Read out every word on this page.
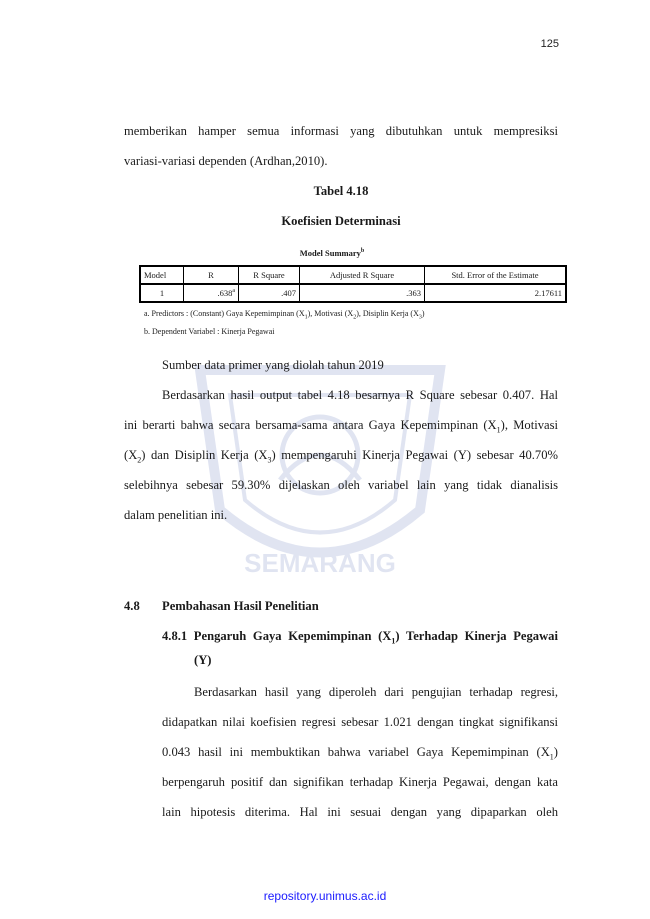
125
SEMARANG
memberikan hamper semua informasi yang dibutuhkan untuk mempresiksi
variasi-variasi dependen (Ardhan,2010).
Tabel 4.18
Koefisien Determinasi
Model Summary$^b$
Model	R	R Square	Adjusted R Square	Std. Error of the Estimate
1	.638$^a$	.407	.363	2.17611
a. Predictors : (Constant) Gaya Kepemimpinan $(X_1)$, Motivasi $(X_2)$, Disiplin Kerja $(X_3)$
b. Dependent Variabel : Kinerja Pegawai
Sumber data primer yang diolah tahun 2019
Berdasarkan hasil output tabel 4.18 besarnya R Square sebesar 0.407. Hal
ini berarti bahwa secara bersama-sama antara Gaya Kepemimpinan $(X_1)$, Motivasi
$(X_2)$ dan Disiplin Kerja $(X_3)$ mempengaruhi Kinerja Pegawai (Y) sebesar 40.70%
selebihnya sebesar 59.30% dijelaskan oleh variabel lain yang tidak dianalisis
dalam penelitian ini.
4.8 Pembahasan Hasil Penelitian
4.8.1 Pengaruh Gaya Kepemimpinan $(X_1)$ Terhadap Kinerja Pegawai
(Y)
Berdasarkan hasil yang diperoleh dari pengujian terhadap regresi,
didapatkan nilai koefisien regresi sebesar 1.021 dengan tingkat signifikansi
0.043 hasil ini membuktikan bahwa variabel Gaya Kepemimpinan $(X_1)$
berpengaruh positif dan signifikan terhadap Kinerja Pegawai, dengan kata
lain hipotesis diterima. Hal ini sesuai dengan yang dipaparkan oleh
repository.unimus.ac.id
